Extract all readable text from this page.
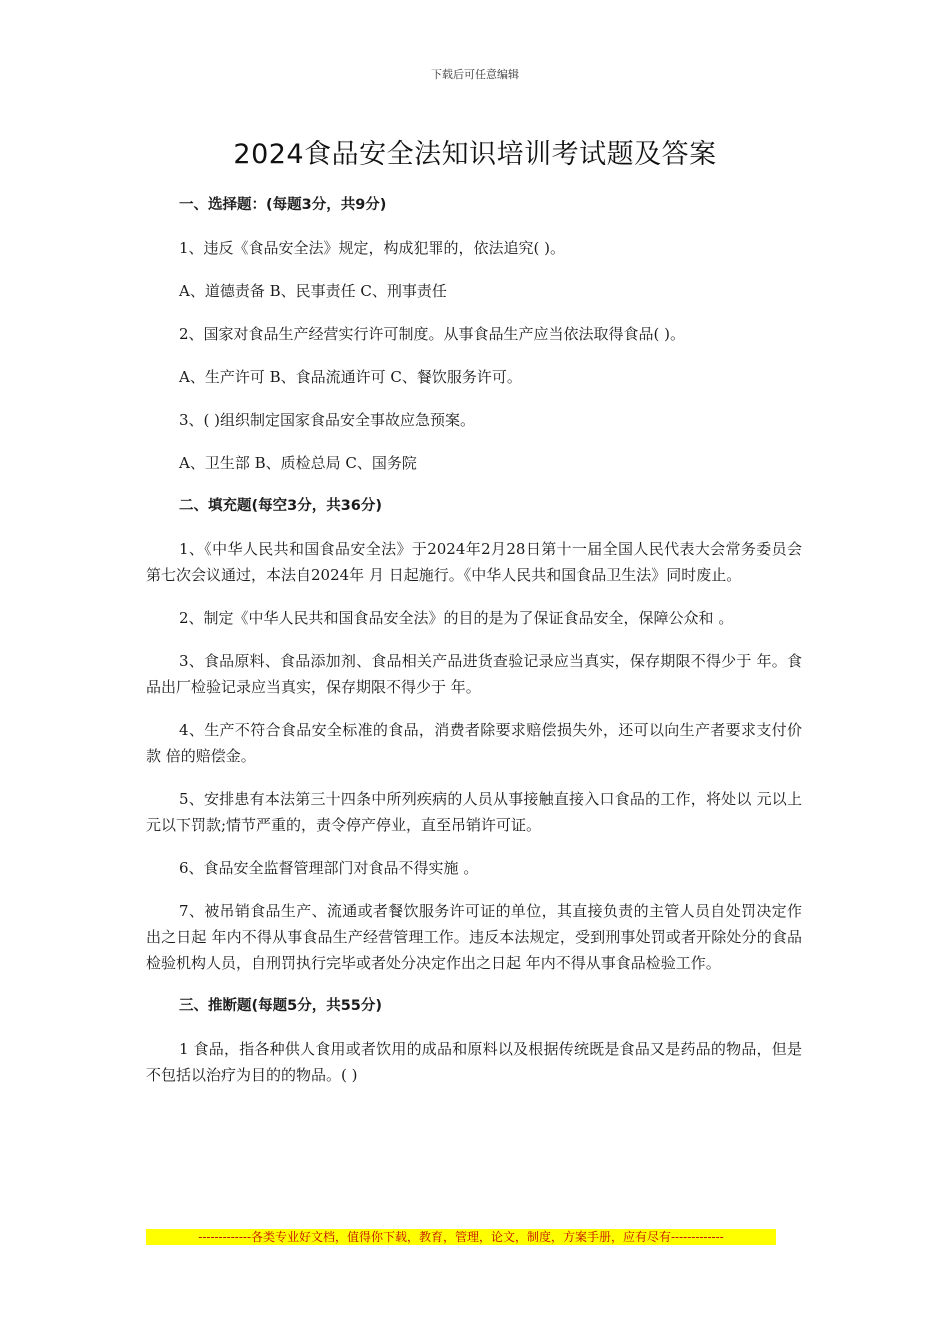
下载后可任意编辑
2024食品安全法知识培训考试题及答案
一、选择题：(每题3分，共9分)
1、违反《食品安全法》规定，构成犯罪的，依法追究( )。
A、道德责备 B、民事责任 C、刑事责任
2、国家对食品生产经营实行许可制度。从事食品生产应当依法取得食品( )。
A、生产许可 B、食品流通许可 C、餐饮服务许可。
3、( )组织制定国家食品安全事故应急预案。
A、卫生部 B、质检总局 C、国务院
二、填充题(每空3分，共36分)

1、《中华人民共和国食品安全法》于2024年2月28日第十一届全国人民代表大会常务委员会第七次会议通过，本法自2024年 月 日起施行。《中华人民共和国食品卫生法》同时废止。

2、制定《中华人民共和国食品安全法》的目的是为了保证食品安全，保障公众和 。

3、食品原料、食品添加剂、食品相关产品进货查验记录应当真实，保存期限不得少于 年。食品出厂检验记录应当真实，保存期限不得少于 年。

4、生产不符合食品安全标准的食品，消费者除要求赔偿损失外，还可以向生产者要求支付价款 倍的赔偿金。

5、安排患有本法第三十四条中所列疾病的人员从事接触直接入口食品的工作，将处以 元以上 元以下罚款;情节严重的，责令停产停业，直至吊销许可证。

6、食品安全监督管理部门对食品不得实施 。

7、被吊销食品生产、流通或者餐饮服务许可证的单位，其直接负责的主管人员自处罚决定作出之日起 年内不得从事食品生产经营管理工作。违反本法规定，受到刑事处罚或者开除处分的食品检验机构人员，自刑罚执行完毕或者处分决定作出之日起 年内不得从事食品检验工作。

三、推断题(每题5分，共55分)

1 食品，指各种供人食用或者饮用的成品和原料以及根据传统既是食品又是药品的物品，但是不包括以治疗为目的的物品。( )

-------------各类专业好文档，值得你下载，教育，管理，论文，制度，方案手册，应有尽有-------------
